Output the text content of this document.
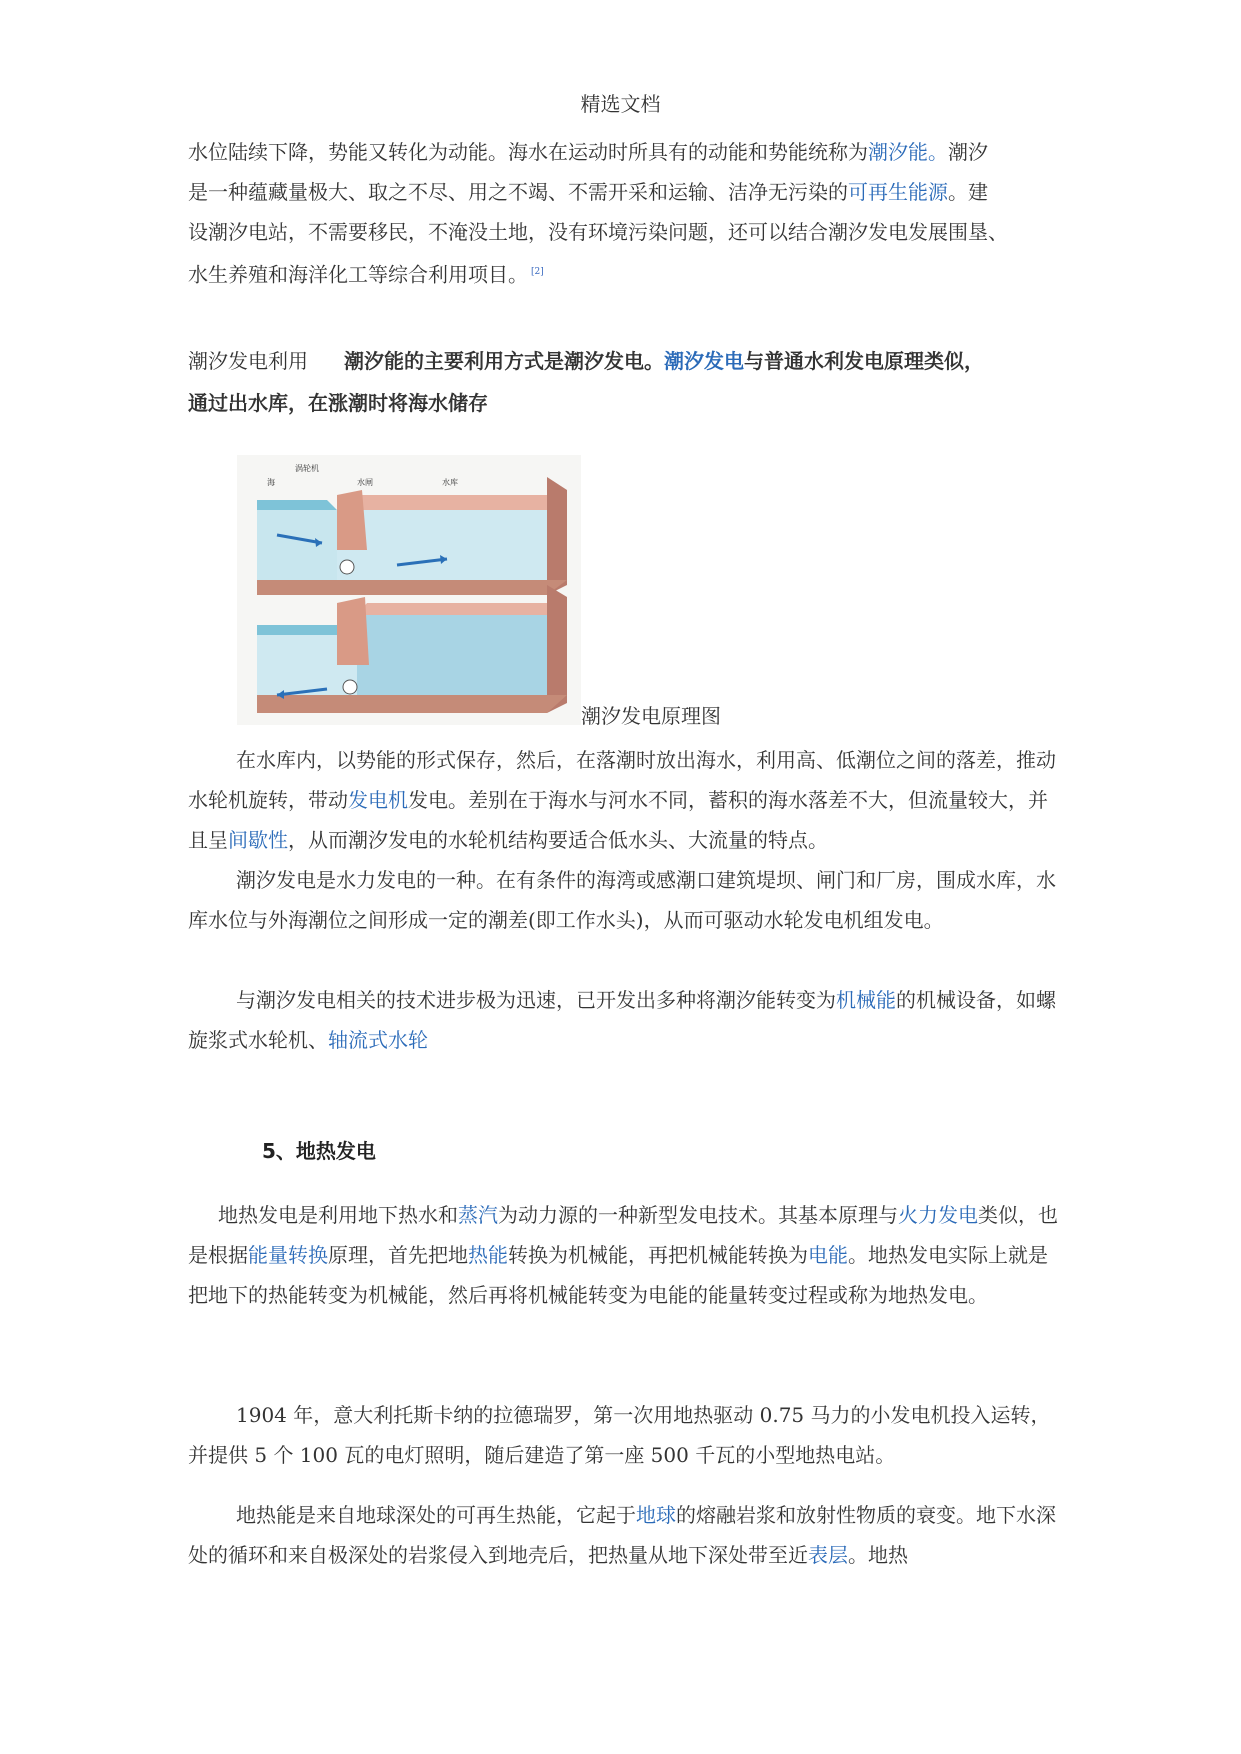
精选文档

水位陆续下降，势能又转化为动能。海水在运动时所具有的动能和势能统称为潮汐能。潮汐

是一种蕴藏量极大、取之不尽、用之不竭、不需开采和运输、洁净无污染的可再生能源。建

设潮汐电站，不需要移民，不淹没土地，没有环境污染问题，还可以结合潮汐发电发展围垦、

水生养殖和海洋化工等综合利用项目。 [2]

潮汐发电利用 潮汐能的主要利用方式是潮汐发电。潮汐发电与普通水利发电原理类似，

通过出水库，在涨潮时将海水储存

海
涡轮机
水闸	水库
潮汐发电原理图

在水库内，以势能的形式保存，然后，在落潮时放出海水，利用高、低潮位之间的落差，推动水轮机旋转，带动发电机发电。差别在于海水与河水不同，蓄积的海水落差不大，但流量较大，并且呈间歇性，从而潮汐发电的水轮机结构要适合低水头、大流量的特点。

潮汐发电是水力发电的一种。在有条件的海湾或感潮口建筑堤坝、闸门和厂房，围成水库，水库水位与外海潮位之间形成一定的潮差(即工作水头)，从而可驱动水轮发电机组发电。

与潮汐发电相关的技术进步极为迅速，已开发出多种将潮汐能转变为机械能的机械设备，如螺旋浆式水轮机、轴流式水轮

5、地热发电

地热发电是利用地下热水和蒸汽为动力源的一种新型发电技术。其基本原理与火力发电类似，也是根据能量转换原理，首先把地热能转换为机械能，再把机械能转换为电能。地热发电实际上就是把地下的热能转变为机械能，然后再将机械能转变为电能的能量转变过程或称为地热发电。

1904 年，意大利托斯卡纳的拉德瑞罗，第一次用地热驱动 0.75 马力的小发电机投入运转，并提供 5 个 100 瓦的电灯照明，随后建造了第一座 500 千瓦的小型地热电站。

地热能是来自地球深处的可再生热能，它起于地球的熔融岩浆和放射性物质的衰变。地下水深处的循环和来自极深处的岩浆侵入到地壳后，把热量从地下深处带至近表层。地热
